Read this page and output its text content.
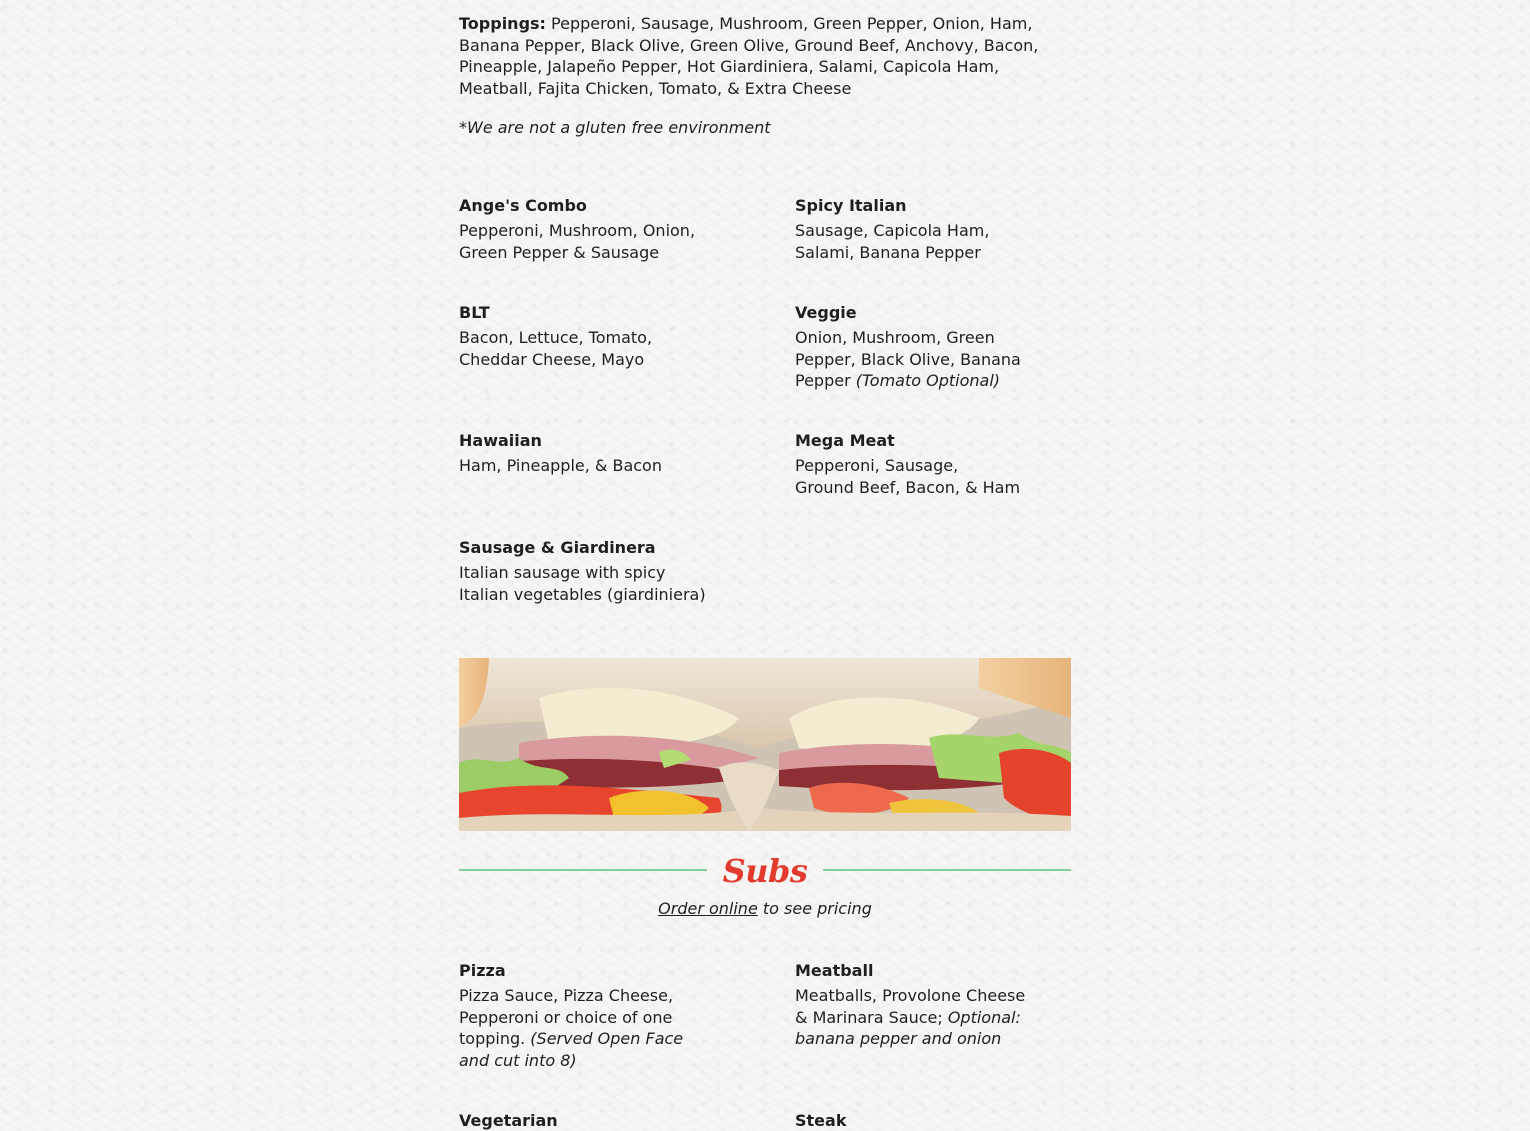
Toppings: Pepperoni, Sausage, Mushroom, Green Pepper, Onion, Ham, Banana Pepper, Black Olive, Green Olive, Ground Beef, Anchovy, Bacon, Pineapple, Jalapeño Pepper, Hot Giardiniera, Salami, Capicola Ham, Meatball, Fajita Chicken, Tomato, & Extra Cheese

*We are not a gluten free environment

Ange's Combo

Pepperoni, Mushroom, Onion, Green Pepper & Sausage

Spicy Italian

Sausage, Capicola Ham, Salami, Banana Pepper

BLT

Bacon, Lettuce, Tomato, Cheddar Cheese, Mayo

Veggie

Onion, Mushroom, Green Pepper, Black Olive, Banana Pepper (Tomato Optional)

Hawaiian

Ham, Pineapple, & Bacon

Mega Meat

Pepperoni, Sausage, Ground Beef, Bacon, & Ham

Sausage & Giardinera

Italian sausage with spicy Italian vegetables (giardiniera)

Subs
Order online to see pricing

Pizza

Pizza Sauce, Pizza Cheese, Pepperoni or choice of one topping. (Served Open Face and cut into 8)

Meatball

Meatballs, Provolone Cheese & Marinara Sauce; Optional: banana pepper and onion

Vegetarian	Steak
